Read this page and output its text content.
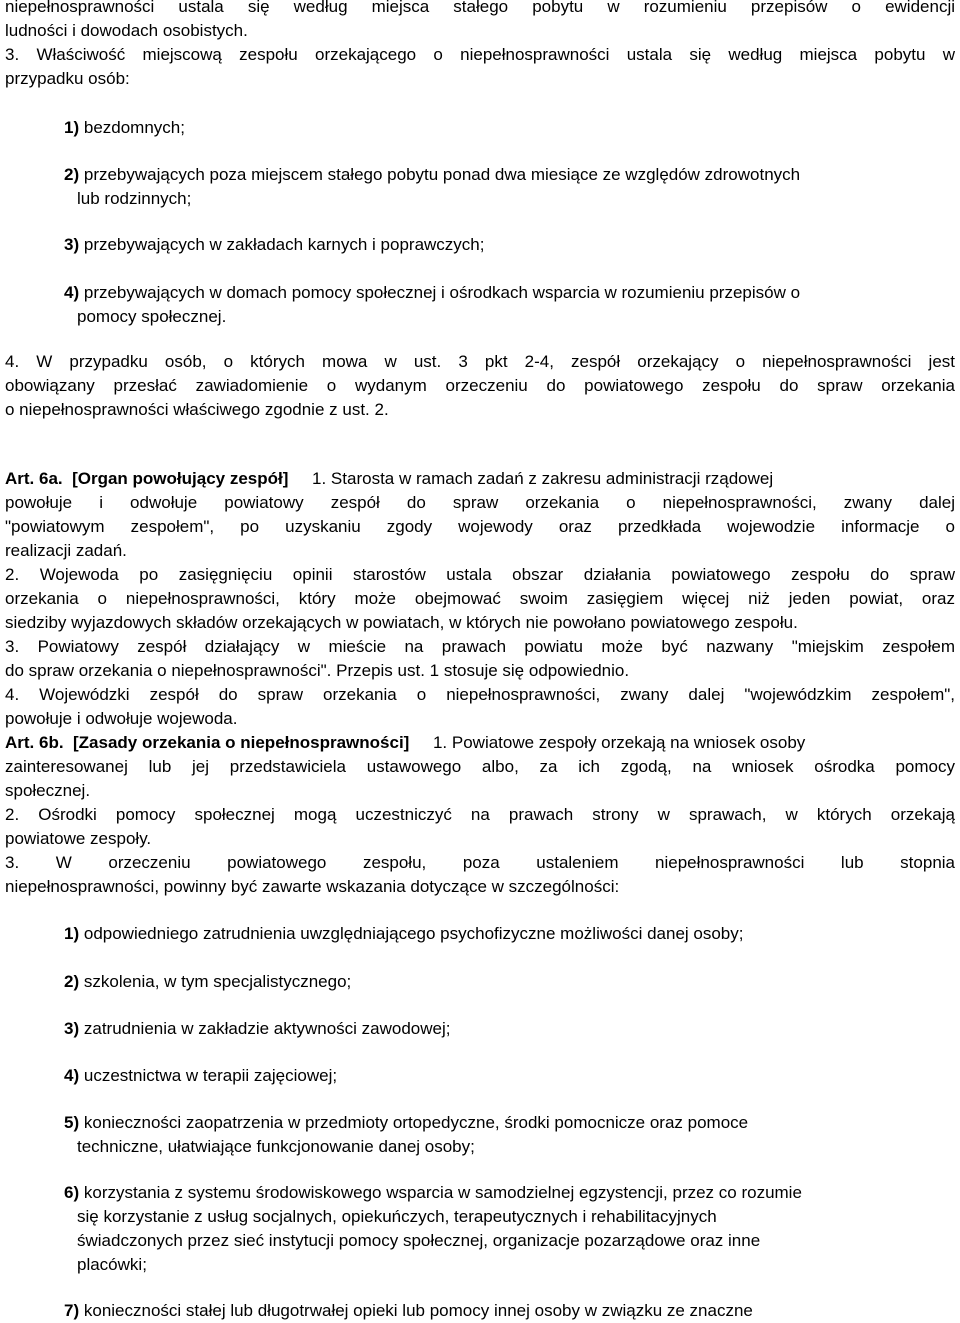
niepełnosprawności ustala się według miejsca stałego pobytu w rozumieniu przepisów o ewidencji
ludności i dowodach osobistych.
3. Właściwość miejscową zespołu orzekającego o niepełnosprawności ustala się według miejsca pobytu w
przypadku osób:
1) bezdomnych;
2) przebywających poza miejscem stałego pobytu ponad dwa miesiące ze względów zdrowotnych
lub rodzinnych;
3) przebywających w zakładach karnych i poprawczych;
4) przebywających w domach pomocy społecznej i ośrodkach wsparcia w rozumieniu przepisów o
pomocy społecznej.
4. W przypadku osób, o których mowa w ust. 3 pkt 2-4, zespół orzekający o niepełnosprawności jest
obowiązany przesłać zawiadomienie o wydanym orzeczeniu do powiatowego zespołu do spraw orzekania
o niepełnosprawności właściwego zgodnie z ust. 2.
Art. 6a. [Organ powołujący zespół] 1. Starosta w ramach zadań z zakresu administracji rządowej
powołuje i odwołuje powiatowy zespół do spraw orzekania o niepełnosprawności, zwany dalej
"powiatowym zespołem", po uzyskaniu zgody wojewody oraz przedkłada wojewodzie informacje o
realizacji zadań.
2. Wojewoda po zasięgnięciu opinii starostów ustala obszar działania powiatowego zespołu do spraw
orzekania o niepełnosprawności, który może obejmować swoim zasięgiem więcej niż jeden powiat, oraz
siedziby wyjazdowych składów orzekających w powiatach, w których nie powołano powiatowego zespołu.
3. Powiatowy zespół działający w mieście na prawach powiatu może być nazwany "miejskim zespołem
do spraw orzekania o niepełnosprawności". Przepis ust. 1 stosuje się odpowiednio.
4. Wojewódzki zespół do spraw orzekania o niepełnosprawności, zwany dalej "wojewódzkim zespołem",
powołuje i odwołuje wojewoda.
Art. 6b. [Zasady orzekania o niepełnosprawności] 1. Powiatowe zespoły orzekają na wniosek osoby
zainteresowanej lub jej przedstawiciela ustawowego albo, za ich zgodą, na wniosek ośrodka pomocy
społecznej.
2. Ośrodki pomocy społecznej mogą uczestniczyć na prawach strony w sprawach, w których orzekają
powiatowe zespoły.
3. W orzeczeniu powiatowego zespołu, poza ustaleniem niepełnosprawności lub stopnia
niepełnosprawności, powinny być zawarte wskazania dotyczące w szczególności:
1) odpowiedniego zatrudnienia uwzględniającego psychofizyczne możliwości danej osoby;
2) szkolenia, w tym specjalistycznego;
3) zatrudnienia w zakładzie aktywności zawodowej;
4) uczestnictwa w terapii zajęciowej;
5) konieczności zaopatrzenia w przedmioty ortopedyczne, środki pomocnicze oraz pomoce
techniczne, ułatwiające funkcjonowanie danej osoby;
6) korzystania z systemu środowiskowego wsparcia w samodzielnej egzystencji, przez co rozumie
się korzystanie z usług socjalnych, opiekuńczych, terapeutycznych i rehabilitacyjnych
świadczonych przez sieć instytucji pomocy społecznej, organizacje pozarządowe oraz inne
placówki;
7) konieczności stałej lub długotrwałej opieki lub pomocy innej osoby w związku ze znaczne
